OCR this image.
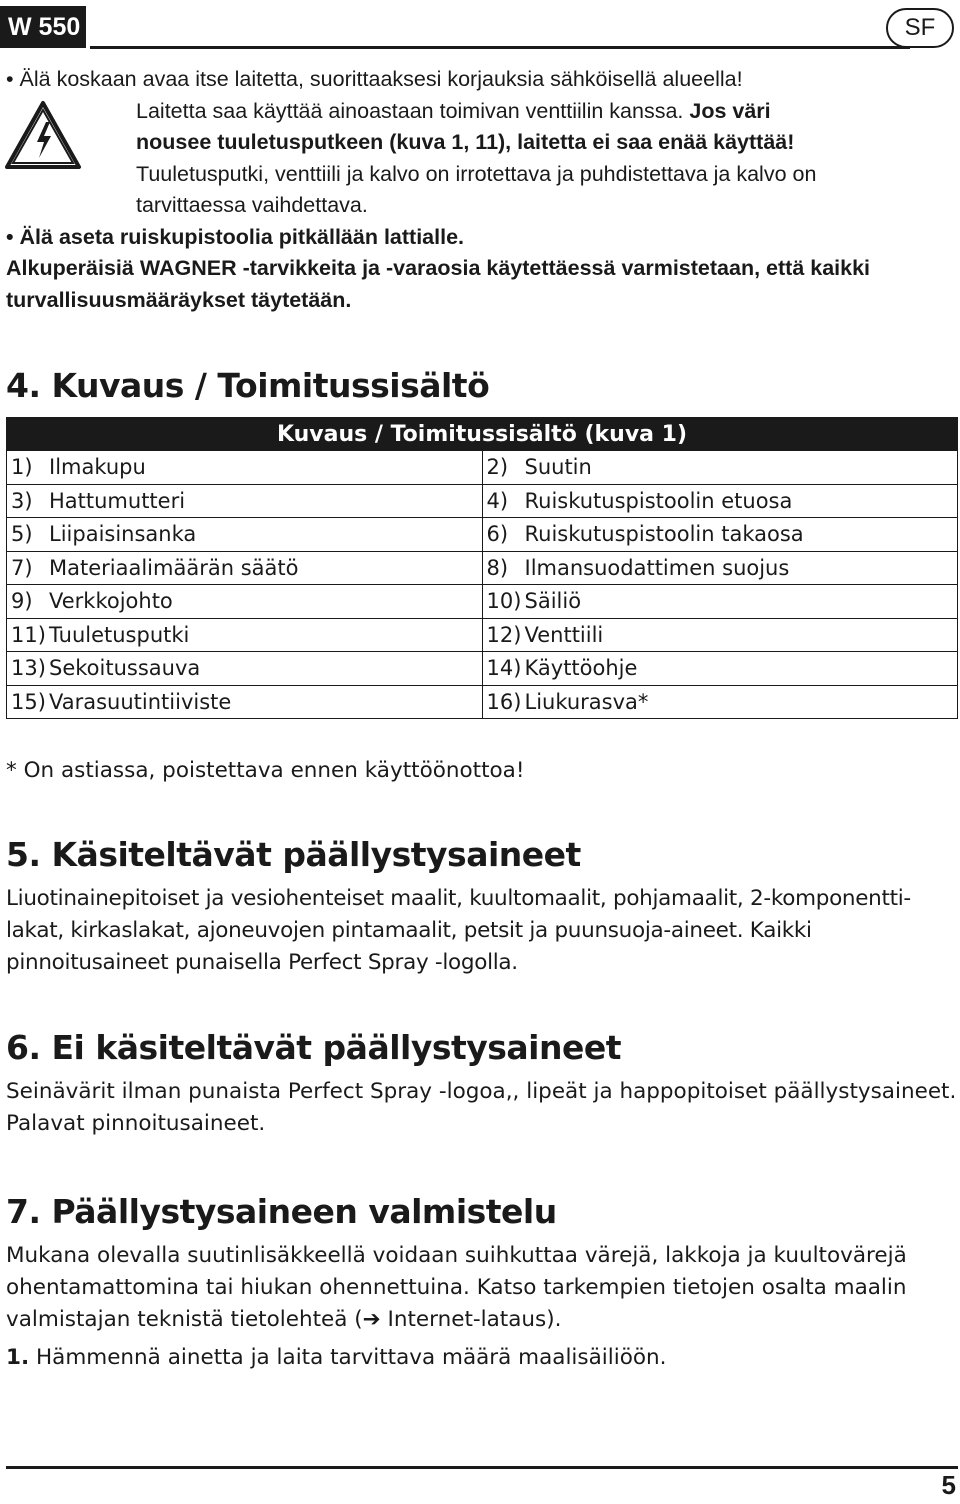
W 550	SF
• Älä koskaan avaa itse laitetta, suorittaaksesi korjauksia sähköisellä alueella!
Laitetta saa käyttää ainoastaan toimivan venttiilin kanssa. Jos väri
nousee tuuletusputkeen (kuva 1, 11), laitetta ei saa enää käyttää!
Tuuletusputki, venttiili ja kalvo on irrotettava ja puhdistettava ja kalvo on
tarvittaessa vaihdettava.
• Älä aseta ruiskupistoolia pitkällään lattialle.
Alkuperäisiä WAGNER -tarvikkeita ja -varaosia käytettäessä varmistetaan, että kaikki
turvallisuusmääräykset täytetään.
4. Kuvaus / Toimitussisältö
Kuvaus / Toimitussisältö (kuva 1)	
1) Ilmakupu	2) Suutin
3) Hattumutteri	4) Ruiskutuspistoolin etuosa
5) Liipaisinsanka	6) Ruiskutuspistoolin takaosa
7) Materiaalimäärän säätö	8) Ilmansuodattimen suojus
9) Verkkojohto	10) Säiliö
11) Tuuletusputki	12) Venttiili
13) Sekoitussauva	14) Käyttöohje
15) Varasuutintiiviste	16) Liukurasva*
* On astiassa, poistettava ennen käyttöönottoa!
5. Käsiteltävät päällystysaineet
Liuotinainepitoiset ja vesiohenteiset maalit, kuultomaalit, pohjamaalit, 2-komponentti-lakat, kirkaslakat, ajoneuvojen pintamaalit, petsit ja puunsuoja-aineet. Kaikki pinnoitusaineet punaisella Perfect Spray -logolla.
6. Ei käsiteltävät päällystysaineet
Seinävärit ilman punaista Perfect Spray -logoa,, lipeät ja happopitoiset päällystysaineet. Palavat pinnoitusaineet.
7. Päällystysaineen valmistelu
Mukana olevalla suutinlisäkkeellä voidaan suihkuttaa värejä, lakkoja ja kuultovärejä ohentamattomina tai hiukan ohennettuina. Katso tarkempien tietojen osalta maalin valmistajan teknistä tietolehteä (➔ Internet-lataus).
1. Hämmennä ainetta ja laita tarvittava määrä maalisäiliöön.
5
